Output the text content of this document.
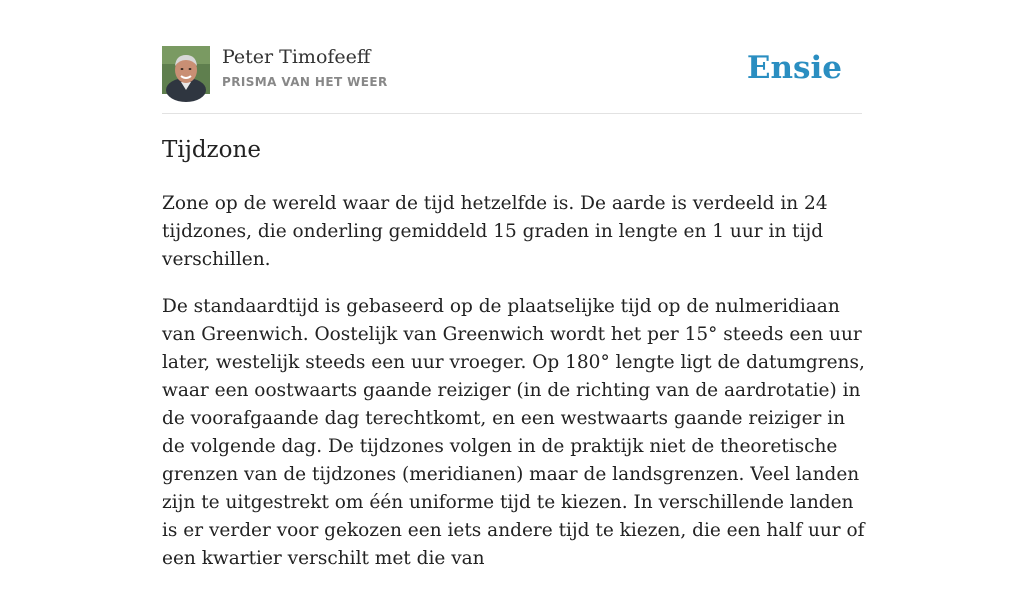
Peter Timofeeff
PRISMA VAN HET WEER	Ensie
Tijdzone

Zone op de wereld waar de tijd hetzelfde is. De aarde is verdeeld in 24 tijdzones, die onderling gemiddeld 15 graden in lengte en 1 uur in tijd verschillen.

De standaardtijd is gebaseerd op de plaatselijke tijd op de nulmeridiaan van Greenwich. Oostelijk van Greenwich wordt het per 15° steeds een uur later, westelijk steeds een uur vroeger. Op 180° lengte ligt de datumgrens, waar een oostwaarts gaande reiziger (in de richting van de aardrotatie) in de voorafgaande dag terechtkomt, en een westwaarts gaande reiziger in de volgende dag. De tijdzones volgen in de praktijk niet de theoretische grenzen van de tijdzones (meridianen) maar de landsgrenzen. Veel landen zijn te uitgestrekt om één uniforme tijd te kiezen. In verschillende landen is er verder voor gekozen een iets andere tijd te kiezen, die een half uur of een kwartier verschilt met die van
